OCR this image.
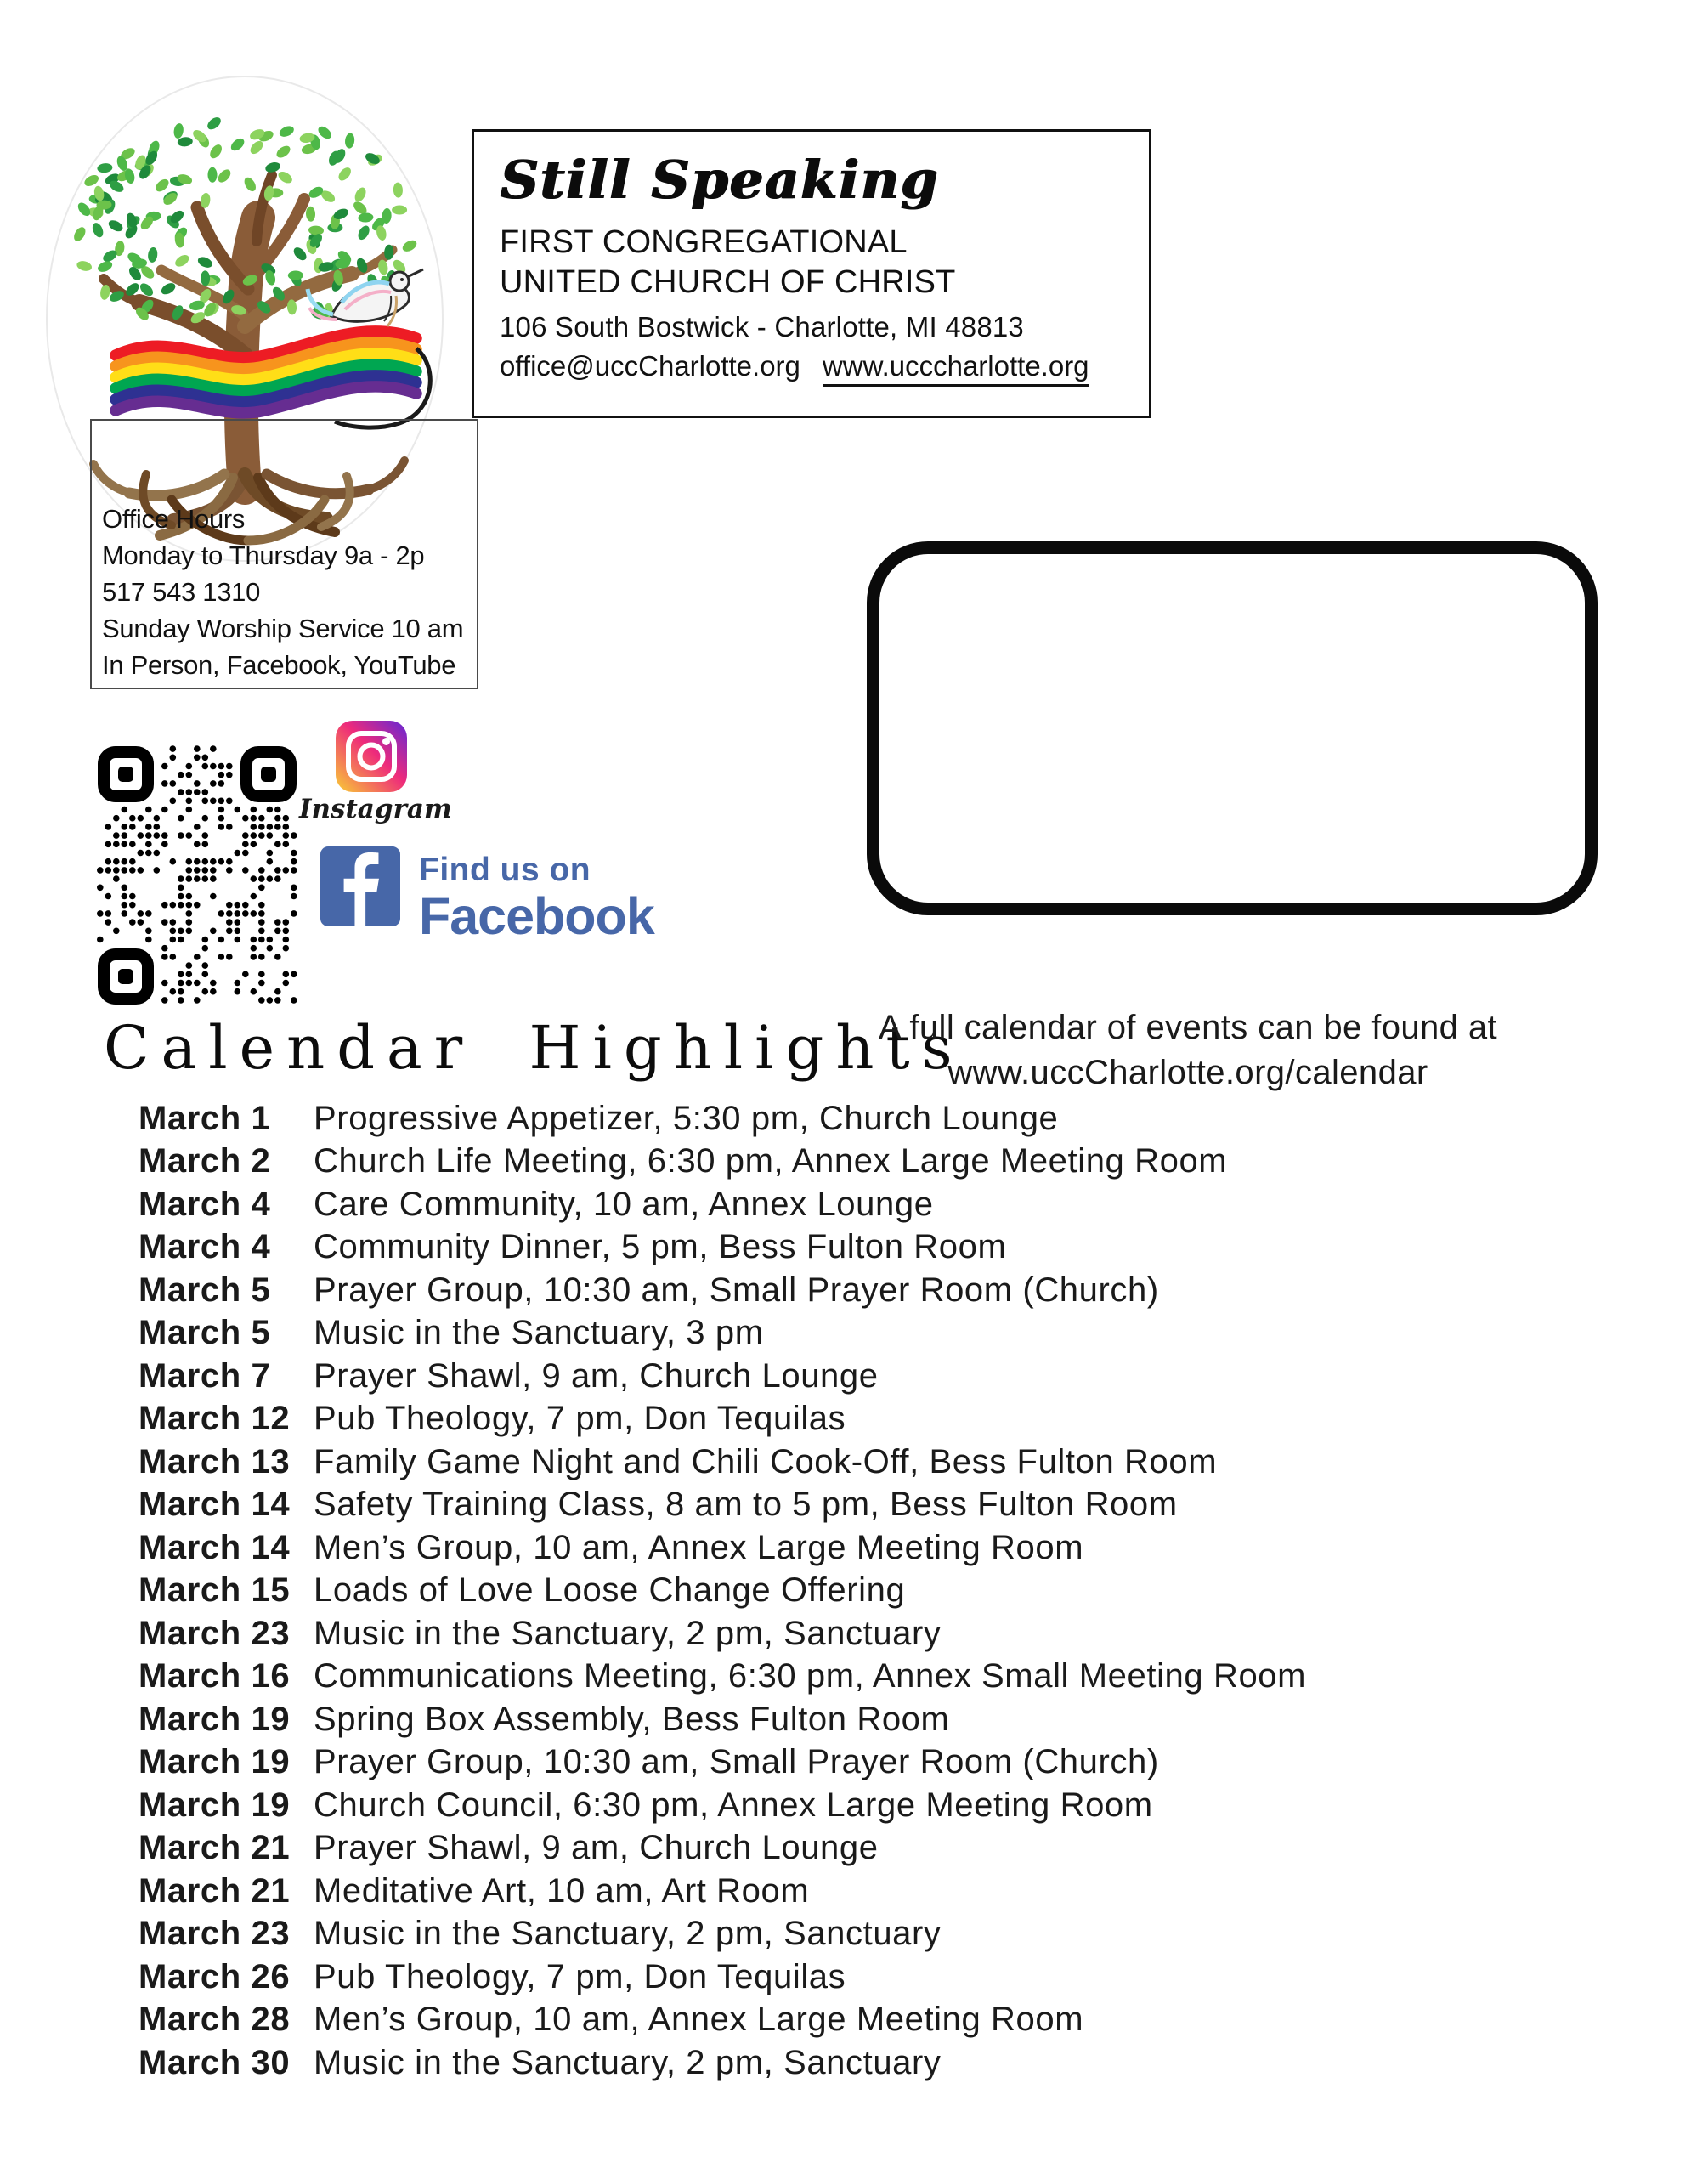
Still Speaking
FIRST CONGREGATIONAL
UNITED CHURCH OF CHRIST
106 South Bostwick - Charlotte, MI 48813
office@uccCharlotte.org www.ucccharlotte.org
Office Hours
Monday to Thursday 9a - 2p
517 543 1310
Sunday Worship Service 10 am
In Person, Facebook, YouTube
Instagram
Find us on
Facebook
Calendar Highlights
A full calendar of events can be found at
www.uccCharlotte.org/calendar
March 1	Progressive Appetizer, 5:30 pm, Church Lounge
March 2	Church Life Meeting, 6:30 pm, Annex Large Meeting Room
March 4	Care Community, 10 am, Annex Lounge
March 4	Community Dinner, 5 pm, Bess Fulton Room
March 5	Prayer Group, 10:30 am, Small Prayer Room (Church)
March 5	Music in the Sanctuary, 3 pm
March 7	Prayer Shawl, 9 am, Church Lounge
March 12 Pub Theology, 7 pm, Don Tequilas
March 13 Family Game Night and Chili Cook-Off, Bess Fulton Room
March 14 Safety Training Class, 8 am to 5 pm, Bess Fulton Room
March 14 Men’s Group, 10 am, Annex Large Meeting Room
March 15 Loads of Love Loose Change Offering
March 23 Music in the Sanctuary, 2 pm, Sanctuary
March 16 Communications Meeting, 6:30 pm, Annex Small Meeting Room
March 19 Spring Box Assembly, Bess Fulton Room
March 19 Prayer Group, 10:30 am, Small Prayer Room (Church)
March 19 Church Council, 6:30 pm, Annex Large Meeting Room
March 21 Prayer Shawl, 9 am, Church Lounge
March 21 Meditative Art, 10 am, Art Room
March 23 Music in the Sanctuary, 2 pm, Sanctuary
March 26 Pub Theology, 7 pm, Don Tequilas
March 28 Men’s Group, 10 am, Annex Large Meeting Room
March 30 Music in the Sanctuary, 2 pm, Sanctuary
